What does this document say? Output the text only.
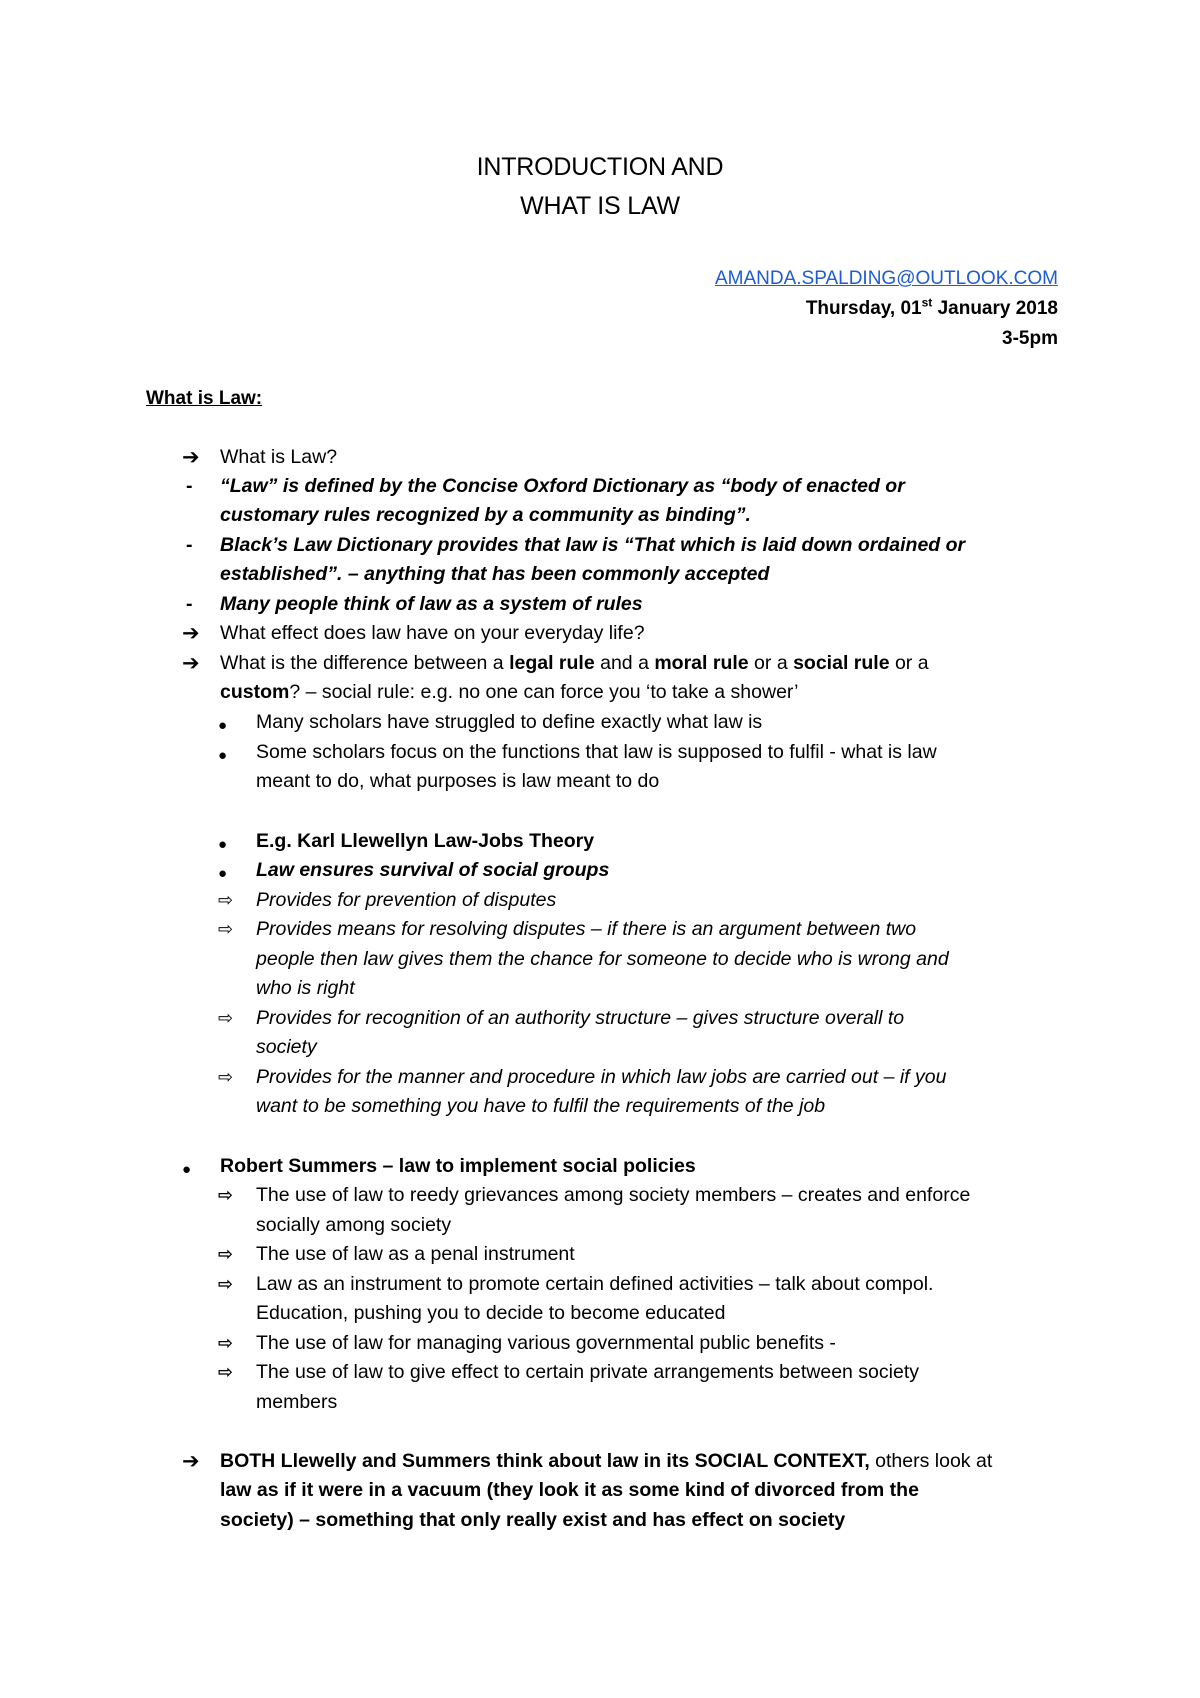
INTRODUCTION AND
WHAT IS LAW
AMANDA.SPALDING@OUTLOOK.COM
Thursday, 01st January 2018
3-5pm
What is Law:
➔ What is Law?
- “Law” is defined by the Concise Oxford Dictionary as “body of enacted or
customary rules recognized by a community as binding”.
- Black’s Law Dictionary provides that law is “That which is laid down ordained or
established”. – anything that has been commonly accepted
- Many people think of law as a system of rules
➔ What effect does law have on your everyday life?
➔ What is the difference between a legal rule and a moral rule or a social rule or a
custom? – social rule: e.g. no one can force you ‘to take a shower’
● Many scholars have struggled to define exactly what law is
● Some scholars focus on the functions that law is supposed to fulfil - what is law
meant to do, what purposes is law meant to do
● E.g. Karl Llewellyn Law-Jobs Theory
● Law ensures survival of social groups
⇨ Provides for prevention of disputes
⇨ Provides means for resolving disputes – if there is an argument between two
people then law gives them the chance for someone to decide who is wrong and
who is right
⇨ Provides for recognition of an authority structure – gives structure overall to
society
⇨ Provides for the manner and procedure in which law jobs are carried out – if you
want to be something you have to fulfil the requirements of the job
● Robert Summers – law to implement social policies
⇨ The use of law to reedy grievances among society members – creates and enforce
socially among society
⇨ The use of law as a penal instrument
⇨ Law as an instrument to promote certain defined activities – talk about compol.
Education, pushing you to decide to become educated
⇨ The use of law for managing various governmental public benefits -
⇨ The use of law to give effect to certain private arrangements between society
members
➔ BOTH Llewelly and Summers think about law in its SOCIAL CONTEXT, others look at
law as if it were in a vacuum (they look it as some kind of divorced from the
society) – something that only really exist and has effect on society
